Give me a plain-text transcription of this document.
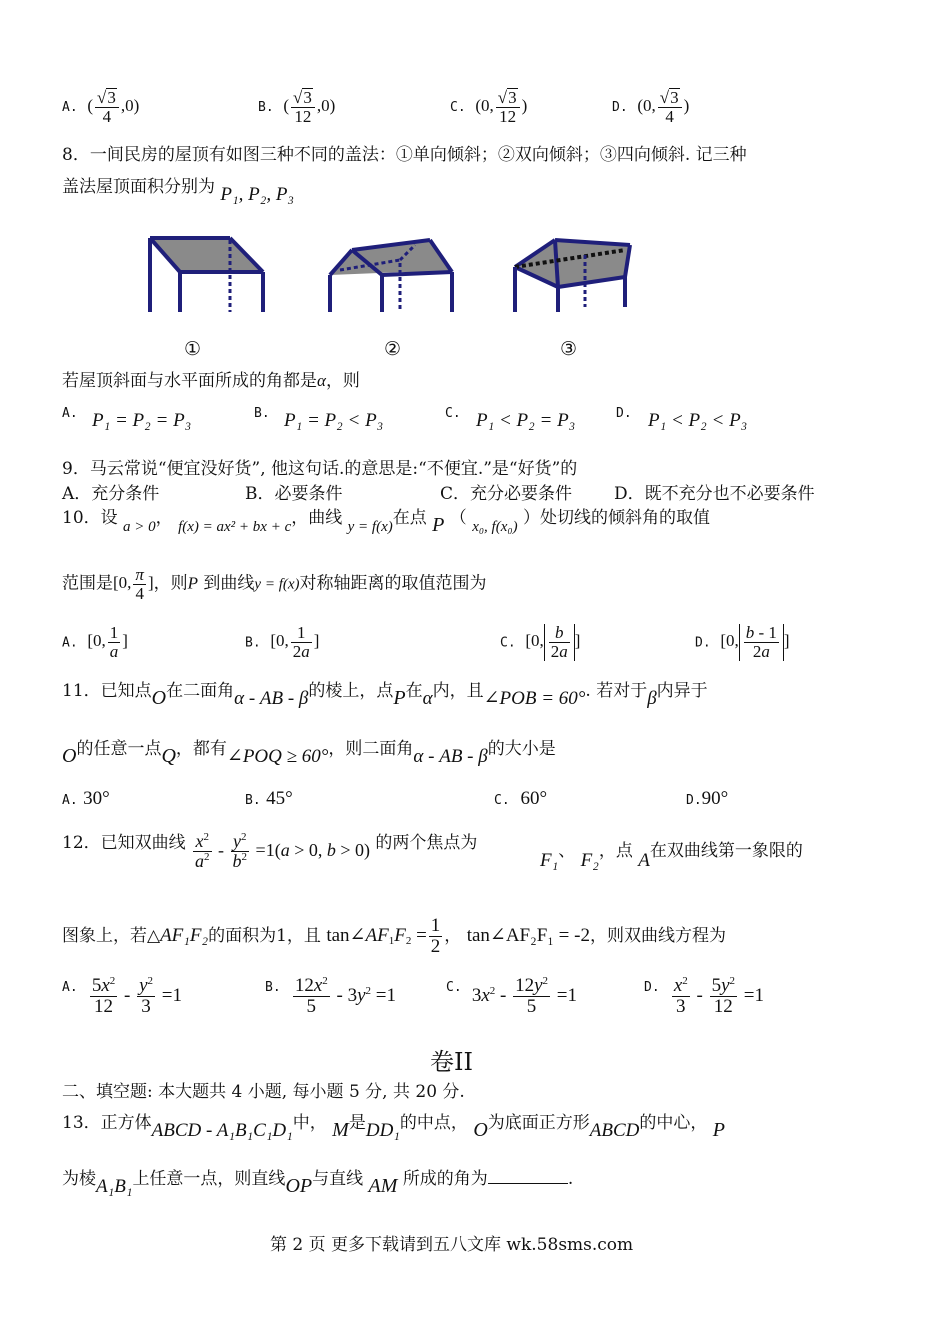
A.  ( $\frac{√3}{4} ,0$)	B.  ( $\frac{√3}{12} ,0$)	C.  (0, $\frac{√3}{12}$ )	D.  (0, $\frac{√3}{4}$ )
8．一间民房的屋顶有如图三种不同的盖法：①单向倾斜；②双向倾斜；③四向倾斜. 记三种
盖法屋顶面积分别为 P₁, P₂, P₃
①	②	③
若屋顶斜面与水平面所成的角都是α，则
A. P₁ = P₂ = P₃	B. P₁ = P₂ < P₃	C. P₁ < P₂ = P₃	D. P₁ < P₂ < P₃
9．马云常说“便宜没好货”, 他这句话.的意思是:“不便宜.”是“好货”的
A．充分条件	B．必要条件	C．充分必要条件 D．既不充分也不必要条件
10．设 a > 0， f(x) = ax² + bx + c，曲线 y = f(x)在点 P （ x₀, f(x₀) ）处切线的倾斜角的取值
范围是[0, $\frac{\pi}{4}$ ]，则P 到曲线y = f(x)对称轴距离的取值范围为
A.  [0, $\frac{1}{a}$ ]	B.  [0, $\frac{1}{2a}$ ]	C.  [0, $\frac{b}{2a}$ ]	D.  [0, $\frac{b - 1}{2a}$ ]
11．已知点O在二面角α - AB - β的棱上，点P在α内，且∠POB = 60°. 若对于β内异于
O的任意一点Q，都有∠POQ ≥ 60°，则二面角α - AB - β的大小是
A. 30°	B. 45°	C. 60°	D.90°
12．已知双曲线 $\frac{x^2}{a^2} - \frac{y^2}{b^2} =1(a > 0$, b > 0) 的两个焦点为
F₁、 F₂，点 A在双曲线第一象限的
图象上，若△AF₁F₂的面积为1，且 $\tan\angle AF_1F_2 = \frac{1}{2}$ ， tan∠AF₂F₁ = -2，则双曲线方程为
$^{A.} \frac{5x^2}{12} - \frac{y^2}{3} =1$	$^{B.} \frac{12x^2}{5} - 3y^2 =1$	$^{C.}$  $3x^2 - \frac{12y^2}{5} =1$	$^{D.} \frac{x^2}{3} - \frac{5y^2}{12} =1$
卷II
二、填空题: 本大题共 4 小题, 每小题 5 分, 共 20 分.
13．正方体ABCD - A₁B₁C₁D₁中， M是DD₁的中点， O为底面正方形ABCD的中心， P
为棱A₁B₁上任意一点，则直线OP与直线 AM 所成的角为	.
第 2 页 更多下载请到五八文库 wk.58sms.com
